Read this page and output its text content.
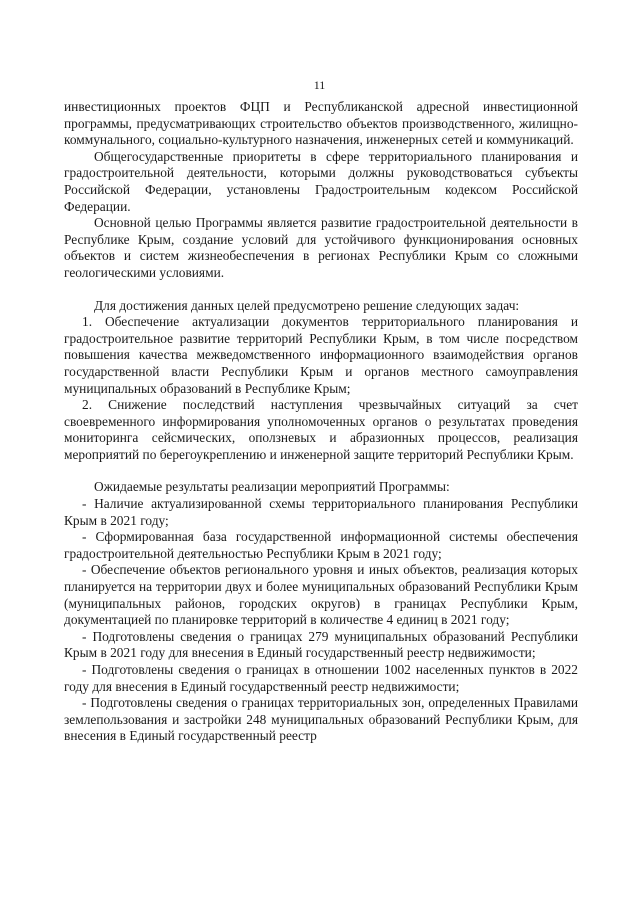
11

инвестиционных проектов ФЦП и Республиканской адресной инвестиционной программы, предусматривающих строительство объектов производственного, жилищно-коммунального, социально-культурного назначения, инженерных сетей и коммуникаций.

Общегосударственные приоритеты в сфере территориального планирования и градостроительной деятельности, которыми должны руководствоваться субъекты Российской Федерации, установлены Градостроительным кодексом Российской Федерации.

Основной целью Программы является развитие градостроительной деятельности в Республике Крым, создание условий для устойчивого функционирования основных объектов и систем жизнеобеспечения в регионах Республики Крым со сложными геологическими условиями.

Для достижения данных целей предусмотрено решение следующих задач:

1. Обеспечение актуализации документов территориального планирования и градостроительное развитие территорий Республики Крым, в том числе посредством повышения качества межведомственного информационного взаимодействия органов государственной власти Республики Крым и органов местного самоуправления муниципальных образований в Республике Крым;

2. Снижение последствий наступления чрезвычайных ситуаций за счет своевременного информирования уполномоченных органов о результатах проведения мониторинга сейсмических, оползневых и абразионных процессов, реализация мероприятий по берегоукреплению и инженерной защите территорий Республики Крым.

Ожидаемые результаты реализации мероприятий Программы:

- Наличие актуализированной схемы территориального планирования Республики Крым в 2021 году;

- Сформированная база государственной информационной системы обеспечения градостроительной деятельностью Республики Крым в 2021 году;

- Обеспечение объектов регионального уровня и иных объектов, реализация которых планируется на территории двух и более муниципальных образований Республики Крым (муниципальных районов, городских округов) в границах Республики Крым, документацией по планировке территорий в количестве 4 единиц в 2021 году;

- Подготовлены сведения о границах 279 муниципальных образований Республики Крым в 2021 году для внесения в Единый государственный реестр недвижимости;

- Подготовлены сведения о границах в отношении 1002 населенных пунктов в 2022 году для внесения в Единый государственный реестр недвижимости;

- Подготовлены сведения о границах территориальных зон, определенных Правилами землепользования и застройки 248 муниципальных образований Республики Крым, для внесения в Единый государственный реестр
